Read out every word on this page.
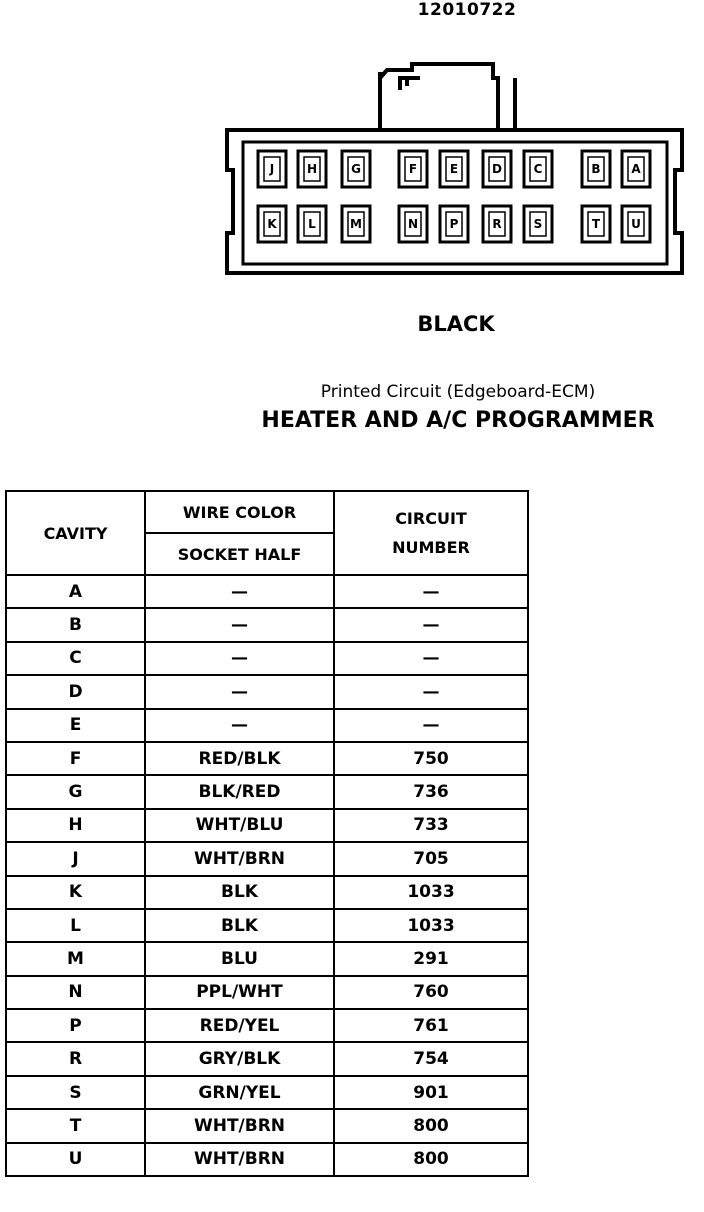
12010722
J	H	G	F	E	D	C	B	A
K	L	M	N	P	R	S	T	U
BLACK
Printed Circuit (Edgeboard-ECM)
HEATER AND A/C PROGRAMMER
CAVITY	WIRE COLOR	CIRCUIT
NUMBER

	SOCKET HALF	
A	—	—
B	—	—
C	—	—
D	—	—
E	—	—
F	RED/BLK	750
G	BLK/RED	736
H	WHT/BLU	733
J	WHT/BRN	705
K	BLK	1033
L	BLK	1033
M	BLU	291
N	PPL/WHT	760
P	RED/YEL	761
R	GRY/BLK	754
S	GRN/YEL	901
T	WHT/BRN	800
U	WHT/BRN	800
